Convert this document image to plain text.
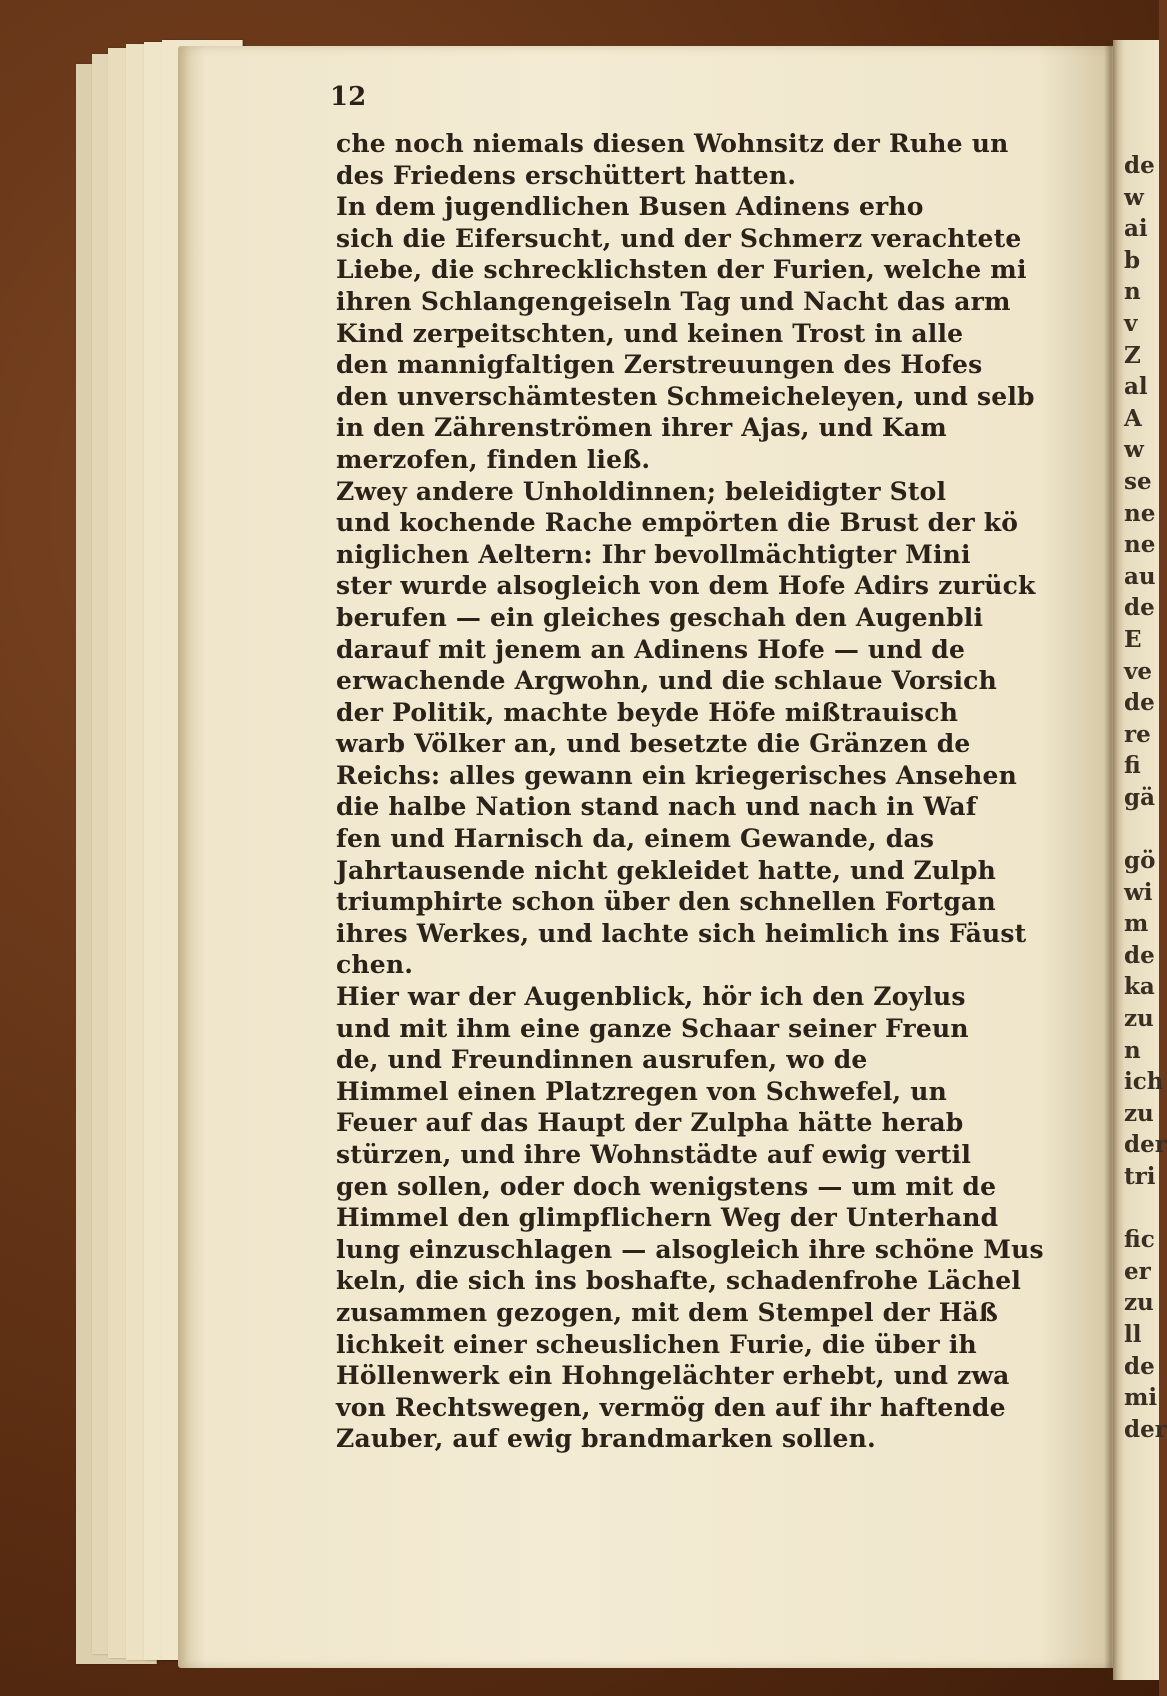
12
che noch niemals diesen Wohnsitz der Ruhe un
des Friedens erschüttert hatten.
In dem jugendlichen Busen Adinens erho
sich die Eifersucht, und der Schmerz verachtete
Liebe, die schrecklichsten der Furien, welche mi
ihren Schlangengeiseln Tag und Nacht das arm
Kind zerpeitschten, und keinen Trost in alle
den mannigfaltigen Zerstreuungen des Hofes
den unverschämtesten Schmeicheleyen, und selb
in den Zährenströmen ihrer Ajas, und Kam
merzofen, finden ließ.
Zwey andere Unholdinnen; beleidigter Stol
und kochende Rache empörten die Brust der kö
niglichen Aeltern: Ihr bevollmächtigter Mini
ster wurde alsogleich von dem Hofe Adirs zurück
berufen — ein gleiches geschah den Augenbli
darauf mit jenem an Adinens Hofe — und de
erwachende Argwohn, und die schlaue Vorsich
der Politik, machte beyde Höfe mißtrauisch
warb Völker an, und besetzte die Gränzen de
Reichs: alles gewann ein kriegerisches Ansehen
die halbe Nation stand nach und nach in Waf
fen und Harnisch da, einem Gewande, das
Jahrtausende nicht gekleidet hatte, und Zulph
triumphirte schon über den schnellen Fortgan
ihres Werkes, und lachte sich heimlich ins Fäust
chen.
Hier war der Augenblick, hör ich den Zoylus
und mit ihm eine ganze Schaar seiner Freun
de, und Freundinnen ausrufen, wo de
Himmel einen Platzregen von Schwefel, un
Feuer auf das Haupt der Zulpha hätte herab
stürzen, und ihre Wohnstädte auf ewig vertil
gen sollen, oder doch wenigstens — um mit de
Himmel den glimpflichern Weg der Unterhand
lung einzuschlagen — alsogleich ihre schöne Mus
keln, die sich ins boshafte, schadenfrohe Lächel
zusammen gezogen, mit dem Stempel der Häß
lichkeit einer scheuslichen Furie, die über ih
Höllenwerk ein Hohngelächter erhebt, und zwa
von Rechtswegen, vermög den auf ihr haftende
Zauber, auf ewig brandmarken sollen.
de
w
ai
b
n
v
Z
al
A
w
se
ne
ne
au
de
E
ve
de
re
fi
gä
gö
wi
m
de
ka
zu
n
ich
zu
der
tri
fic
er
zu
ll
de
mi
der
